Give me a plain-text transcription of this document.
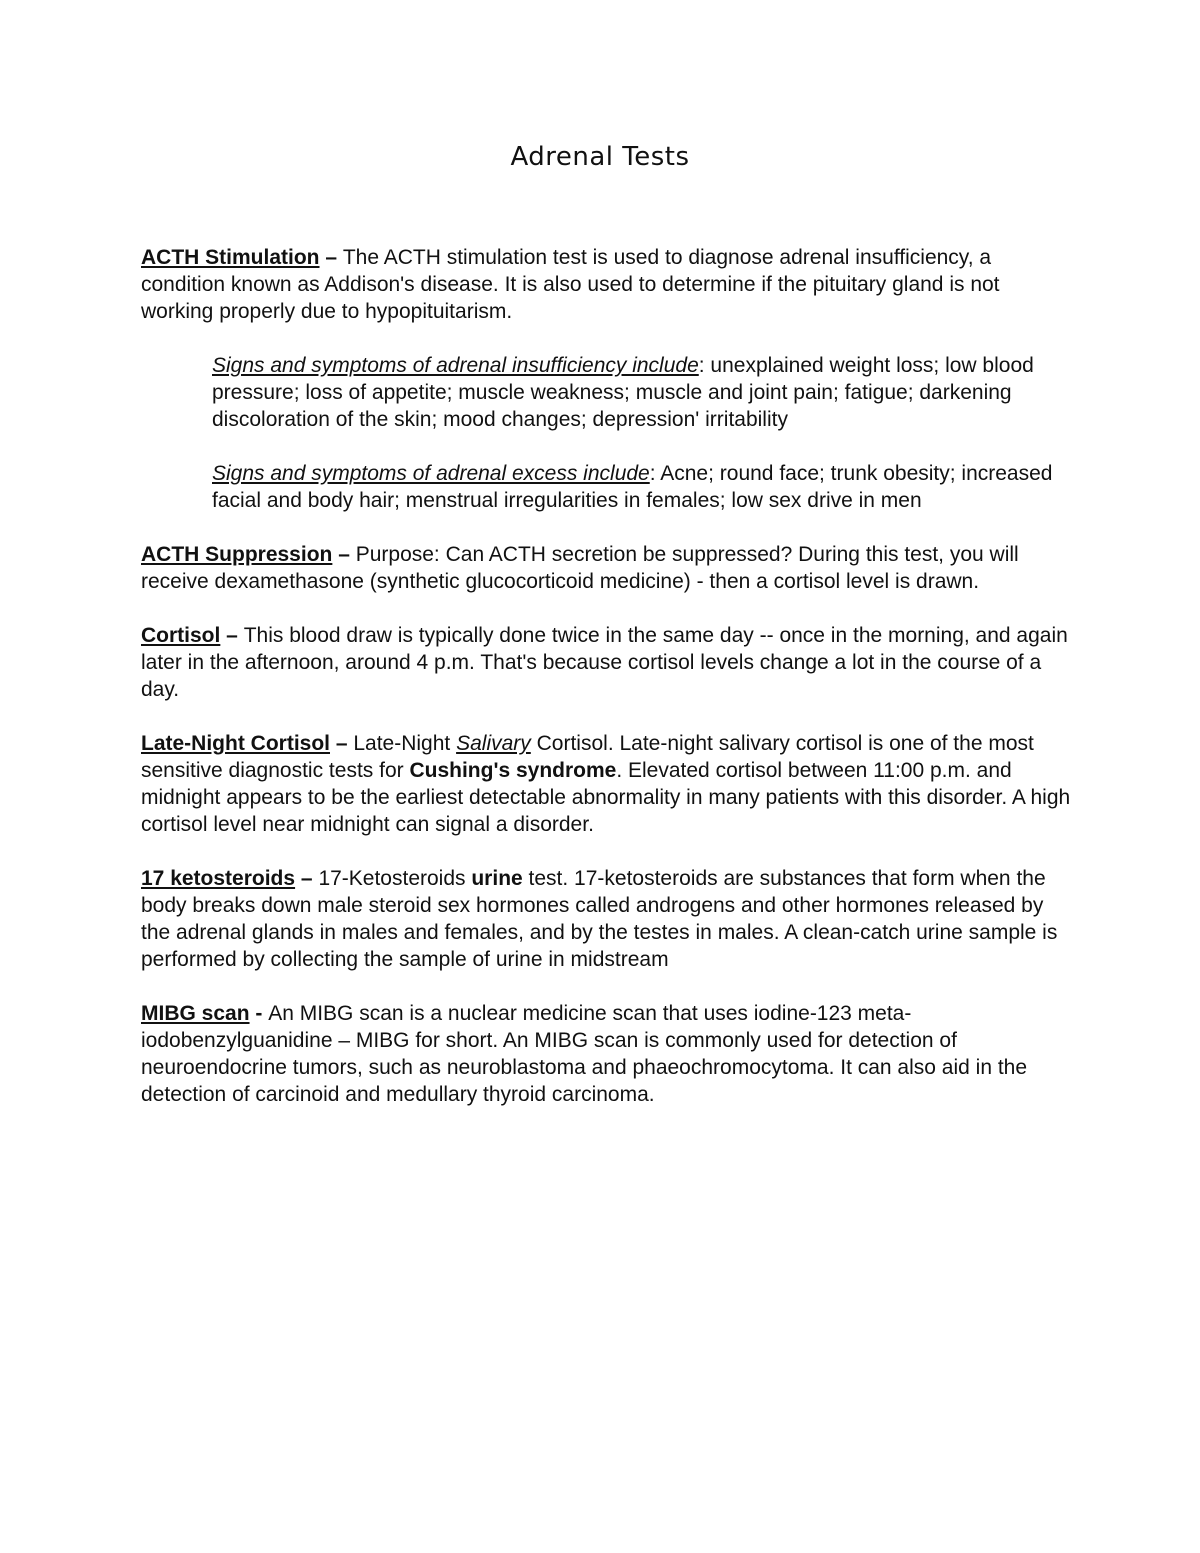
Adrenal Tests

ACTH Stimulation – The ACTH stimulation test is used to diagnose adrenal insufficiency, a condition known as Addison's disease. It is also used to determine if the pituitary gland is not working properly due to hypopituitarism.

Signs and symptoms of adrenal insufficiency include: unexplained weight loss; low blood pressure; loss of appetite; muscle weakness; muscle and joint pain; fatigue; darkening discoloration of the skin; mood changes; depression' irritability

Signs and symptoms of adrenal excess include: Acne; round face; trunk obesity; increased facial and body hair; menstrual irregularities in females; low sex drive in men

ACTH Suppression – Purpose: Can ACTH secretion be suppressed? During this test, you will receive dexamethasone (synthetic glucocorticoid medicine) - then a cortisol level is drawn.

Cortisol – This blood draw is typically done twice in the same day -- once in the morning, and again later in the afternoon, around 4 p.m. That's because cortisol levels change a lot in the course of a day.

Late-Night Cortisol – Late-Night Salivary Cortisol. Late-night salivary cortisol is one of the most sensitive diagnostic tests for Cushing's syndrome. Elevated cortisol between 11:00 p.m. and midnight appears to be the earliest detectable abnormality in many patients with this disorder. A high cortisol level near midnight can signal a disorder.

17 ketosteroids – 17-Ketosteroids urine test. 17-ketosteroids are substances that form when the body breaks down male steroid sex hormones called androgens and other hormones released by the adrenal glands in males and females, and by the testes in males. A clean-catch urine sample is performed by collecting the sample of urine in midstream

MIBG scan - An MIBG scan is a nuclear medicine scan that uses iodine-123 meta-iodobenzylguanidine – MIBG for short. An MIBG scan is commonly used for detection of neuroendocrine tumors, such as neuroblastoma and phaeochromocytoma. It can also aid in the detection of carcinoid and medullary thyroid carcinoma.
